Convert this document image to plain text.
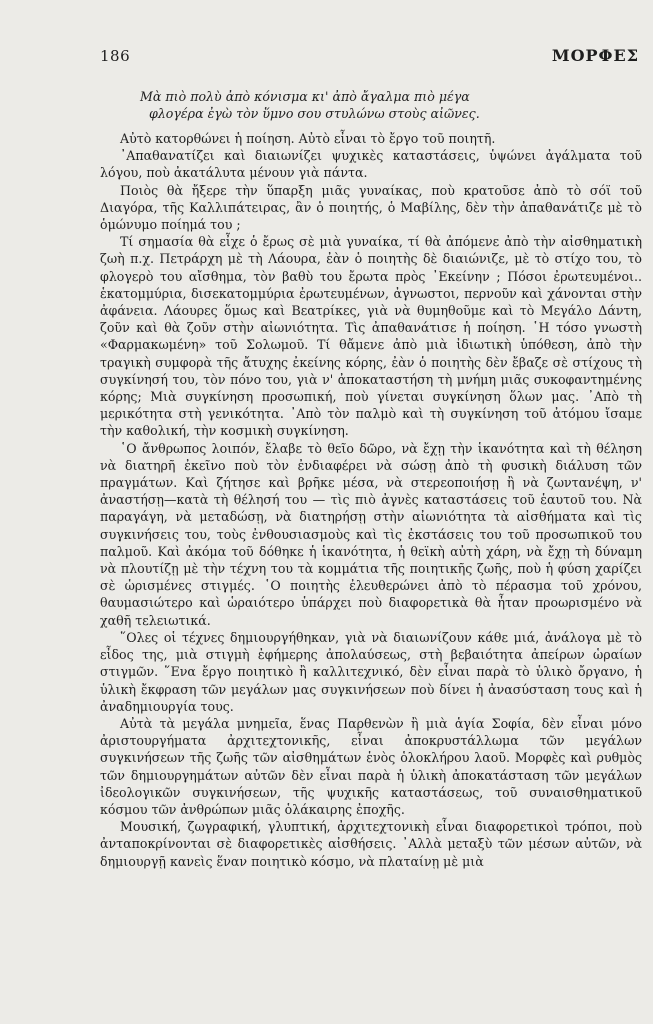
186	ΜΟΡΦΕΣ
Μὰ πιὸ πολὺ ἀπὸ κόνισμα κι' ἀπὸ ἄγαλμα πιὸ μέγα
φλογέρα ἐγὼ τὸν ὕμνο σου στυλώνω στοὺς αἰῶνες.

Αὐτὸ κατορθώνει ἡ ποίηση. Αὐτὸ εἶναι τὸ ἔργο τοῦ ποιητῆ.

᾿Απαθανατίζει καὶ διαιωνίζει ψυχικὲς καταστάσεις, ὑψώνει ἀγάλματα τοῦ λόγου, ποὺ ἀκατάλυτα μένουν γιὰ πάντα.

Ποιὸς θὰ ἤξερε τὴν ὕπαρξη μιᾶς γυναίκας, ποὺ κρατοῦσε ἀπὸ τὸ σόϊ τοῦ Διαγόρα, τῆς Καλλιπάτειρας, ἂν ὁ ποιητής, ὁ Μαβίλης, δὲν τὴν ἀπαθανάτιζε μὲ τὸ ὁμώνυμο ποίημά του ;

Τί σημασία θὰ εἶχε ὁ ἔρως σὲ μιὰ γυναίκα, τί θὰ ἀπόμενε ἀπὸ τὴν αἰσθηματικὴ ζωὴ π.χ. Πετράρχη μὲ τὴ Λάουρα, ἐὰν ὁ ποιητὴς δὲ διαιώνιζε, μὲ τὸ στίχο του, τὸ φλογερὸ του αἴσθημα, τὸν βαθὺ του ἔρωτα πρὸς ᾿Εκείνην ; Πόσοι ἐρωτευμένοι.. ἑκατομμύρια, δισεκατομμύρια ἐρωτευμένων, ἀγνωστοι, περνοῦν καὶ χάνονται στὴν ἀφάνεια. Λάουρες ὅμως καὶ Βεατρίκες, γιὰ νὰ θυμηθοῦμε καὶ τὸ Μεγάλο Δάντη, ζοῦν καὶ θὰ ζοῦν στὴν αἰωνιότητα. Τὶς ἀπαθανάτισε ἡ ποίηση. ῾Η τόσο γνωστὴ «Φαρμακωμένη» τοῦ Σολωμοῦ. Τί θἄμενε ἀπὸ μιὰ ἰδιωτικὴ ὑπόθεση, ἀπὸ τὴν τραγικὴ συμφορὰ τῆς ἄτυχης ἐκείνης κόρης, ἐὰν ὁ ποιητὴς δὲν ἔβαζε σὲ στίχους τὴ συγκίνησή του, τὸν πόνο του, γιὰ ν' ἀποκαταστήση τὴ μνήμη μιᾶς συκοφαντημένης κόρης; Μιὰ συγκίνηση προσωπική, ποὺ γίνεται συγκίνηση ὅλων μας. ᾿Απὸ τὴ μερικότητα στὴ γενικότητα. ᾿Απὸ τὸν παλμὸ καὶ τὴ συγκίνηση τοῦ ἀτόμου ἴσαμε τὴν καθολική, τὴν κοσμικὴ συγκίνηση.

῾Ο ἄνθρωπος λοιπόν, ἔλαβε τὸ θεῖο δῶρο, νὰ ἔχῃ τὴν ἱκανότητα καὶ τὴ θέληση νὰ διατηρῆ ἐκεῖνο ποὺ τὸν ἐνδιαφέρει νὰ σώσῃ ἀπὸ τὴ φυσικὴ διάλυση τῶν πραγμάτων. Καὶ ζήτησε καὶ βρῆκε μέσα, νὰ στερεοποιήσῃ ἢ νὰ ζωντανέψη, ν' ἀναστήσῃ—κατὰ τὴ θέλησή του — τὶς πιὸ ἀγνὲς καταστάσεις τοῦ ἑαυτοῦ του. Νὰ παραγάγη, νὰ μεταδώσῃ, νὰ διατηρήσῃ στὴν αἰωνιότητα τὰ αἰσθήματα καὶ τὶς συγκινήσεις του, τοὺς ἐνθουσιασμοὺς καὶ τὶς ἐκστάσεις του τοῦ προσωπικοῦ του παλμοῦ. Καὶ ἀκόμα τοῦ δόθηκε ἡ ἱκανότητα, ἡ θεϊκὴ αὐτὴ χάρη, νὰ ἔχῃ τὴ δύναμη νὰ πλουτίζῃ μὲ τὴν τέχνη του τὰ κομμάτια τῆς ποιητικῆς ζωῆς, ποὺ ἡ φύση χαρίζει σὲ ὡρισμένες στιγμές. ῾Ο ποιητὴς ἐλευθερώνει ἀπὸ τὸ πέρασμα τοῦ χρόνου, θαυμασιώτερο καὶ ὡραιότερο ὑπάρχει ποὺ διαφορετικὰ θὰ ἦταν προωρισμένο νὰ χαθῆ τελειωτικά.

῞Ολες οἱ τέχνες δημιουργήθηκαν, γιὰ νὰ διαιωνίζουν κάθε μιά, ἀνάλογα μὲ τὸ εἶδος της, μιὰ στιγμὴ ἐφήμερης ἀπολαύσεως, στὴ βεβαιότητα ἀπείρων ὡραίων στιγμῶν. ῞Ενα ἔργο ποιητικὸ ἢ καλλιτεχνικό, δὲν εἶναι παρὰ τὸ ὑλικὸ ὄργανο, ἡ ὑλικὴ ἔκφραση τῶν μεγάλων μας συγκινήσεων ποὺ δίνει ἡ ἀνασύσταση τους καὶ ἡ ἀναδημιουργία τους.

Αὐτὰ τὰ μεγάλα μνημεῖα, ἕνας Παρθενὼν ἢ μιὰ ἁγία Σοφία, δὲν εἶναι μόνο ἀριστουργήματα ἀρχιτεχτονικῆς, εἶναι ἀποκρυστάλλωμα τῶν μεγάλων συγκινήσεων τῆς ζωῆς τῶν αἰσθημάτων ἑνὸς ὁλοκλήρου λαοῦ. Μορφὲς καὶ ρυθμὸς τῶν δημιουργημάτων αὐτῶν δὲν εἶναι παρὰ ἡ ὑλικὴ ἀποκατάσταση τῶν μεγάλων ἰδεολογικῶν συγκινήσεων, τῆς ψυχικῆς καταστάσεως, τοῦ συναισθηματικοῦ κόσμου τῶν ἀνθρώπων μιᾶς ὁλάκαιρης ἐποχῆς.

Μουσική, ζωγραφική, γλυπτική, ἀρχιτεχτονικὴ εἶναι διαφορετικοὶ τρόποι, ποὺ ἀνταποκρίνονται σὲ διαφορετικὲς αἰσθήσεις. ᾿Αλλὰ μεταξὺ τῶν μέσων αὐτῶν, νὰ δημιουργῇ κανεὶς ἕναν ποιητικὸ κόσμο, νὰ πλαταίνῃ μὲ μιὰ
